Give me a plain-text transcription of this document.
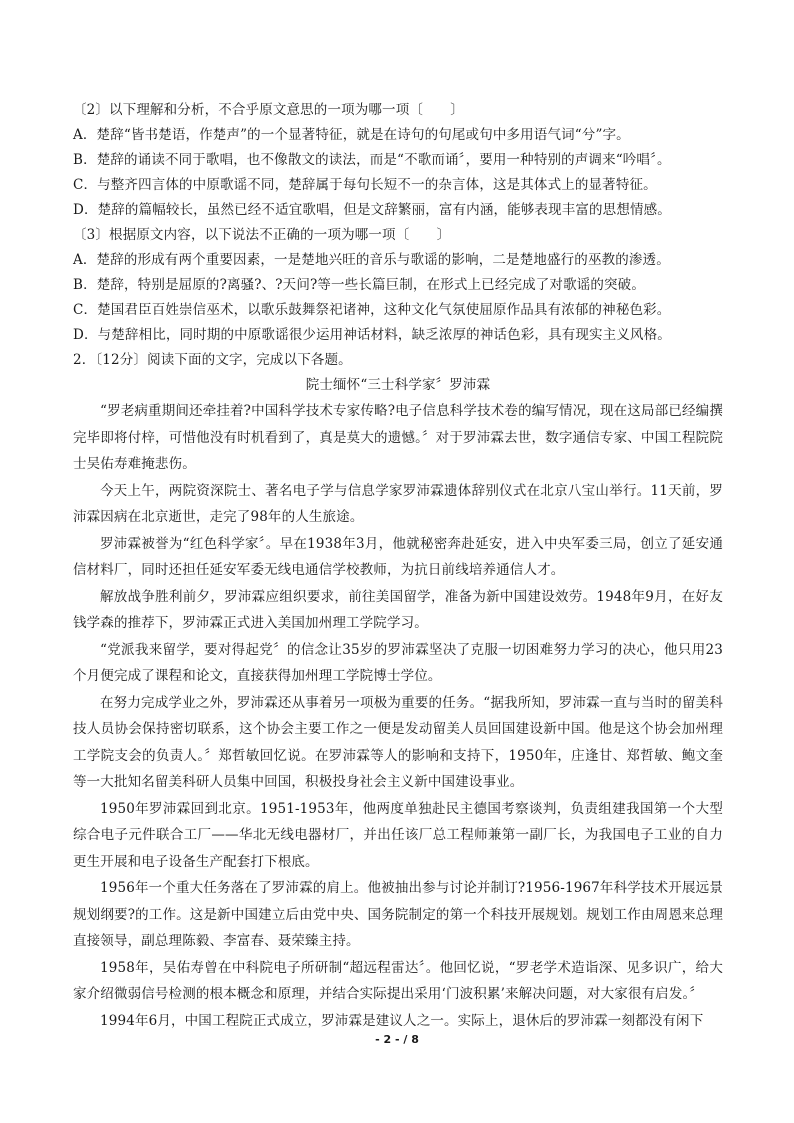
〔2〕以下理解和分析，不合乎原文意思的一项为哪一项〔　　〕
A．楚辞“皆书楚语，作楚声”的一个显著特征，就是在诗句的句尾或句中多用语气词“兮”字。
B．楚辞的诵读不同于歌唱，也不像散文的读法，而是“不歌而诵〞，要用一种特别的声调来“吟唱〞。
C．与整齐四言体的中原歌谣不同，楚辞属于每句长短不一的杂言体，这是其体式上的显著特征。
D．楚辞的篇幅较长，虽然已经不适宜歌唱，但是文辞繁丽，富有内涵，能够表现丰富的思想情感。
〔3〕根据原文内容，以下说法不正确的一项为哪一项〔　　〕
A．楚辞的形成有两个重要因素，一是楚地兴旺的音乐与歌谣的影响，二是楚地盛行的巫教的渗透。
B．楚辞，特别是屈原的?离骚?、?天问?等一些长篇巨制，在形式上已经完成了对歌谣的突破。
C．楚国君臣百姓崇信巫术，以歌乐鼓舞祭祀诸神，这种文化气氛使屈原作品具有浓郁的神秘色彩。
D．与楚辞相比，同时期的中原歌谣很少运用神话材料，缺乏浓厚的神话色彩，具有现实主义风格。
2．〔12分〕阅读下面的文字，完成以下各题。
院士缅怀“三士科学家〞罗沛霖
“罗老病重期间还牵挂着?中国科学技术专家传略?电子信息科学技术卷的编写情况，现在这局部已经编撰完毕即将付梓，可惜他没有时机看到了，真是莫大的遗憾。〞对于罗沛霖去世，数字通信专家、中国工程院院士吴佑寿难掩悲伤。
今天上午，两院资深院士、著名电子学与信息学家罗沛霖遗体辞别仪式在北京八宝山举行。11天前，罗沛霖因病在北京逝世，走完了98年的人生旅途。
罗沛霖被誉为“红色科学家〞。早在1938年3月，他就秘密奔赴延安，进入中央军委三局，创立了延安通信材料厂，同时还担任延安军委无线电通信学校教师，为抗日前线培养通信人才。
解放战争胜利前夕，罗沛霖应组织要求，前往美国留学，准备为新中国建设效劳。1948年9月，在好友钱学森的推荐下，罗沛霖正式进入美国加州理工学院学习。
“党派我来留学，要对得起党〞的信念让35岁的罗沛霖坚决了克服一切困难努力学习的决心，他只用23个月便完成了课程和论文，直接获得加州理工学院博士学位。
在努力完成学业之外，罗沛霖还从事着另一项极为重要的任务。“据我所知，罗沛霖一直与当时的留美科技人员协会保持密切联系，这个协会主要工作之一便是发动留美人员回国建设新中国。他是这个协会加州理工学院支会的负责人。〞郑哲敏回忆说。在罗沛霖等人的影响和支持下，1950年，庄逢甘、郑哲敏、鲍文奎等一大批知名留美科研人员集中回国，积极投身社会主义新中国建设事业。
1950年罗沛霖回到北京。1951-1953年，他两度单独赴民主德国考察谈判，负责组建我国第一个大型综合电子元件联合工厂——华北无线电器材厂，并出任该厂总工程师兼第一副厂长，为我国电子工业的自力更生开展和电子设备生产配套打下根底。
1956年一个重大任务落在了罗沛霖的肩上。他被抽出参与讨论并制订?1956-1967年科学技术开展远景规划纲要?的工作。这是新中国建立后由党中央、国务院制定的第一个科技开展规划。规划工作由周恩来总理直接领导，副总理陈毅、李富春、聂荣臻主持。
1958年，吴佑寿曾在中科院电子所研制“超远程雷达〞。他回忆说，“罗老学术造诣深、见多识广，给大家介绍微弱信号检测的根本概念和原理，并结合实际提出采用‘门波积累’来解决问题，对大家很有启发。〞
1994年6月，中国工程院正式成立，罗沛霖是建议人之一。实际上，退休后的罗沛霖一刻都没有闲下
- 2 - / 8
